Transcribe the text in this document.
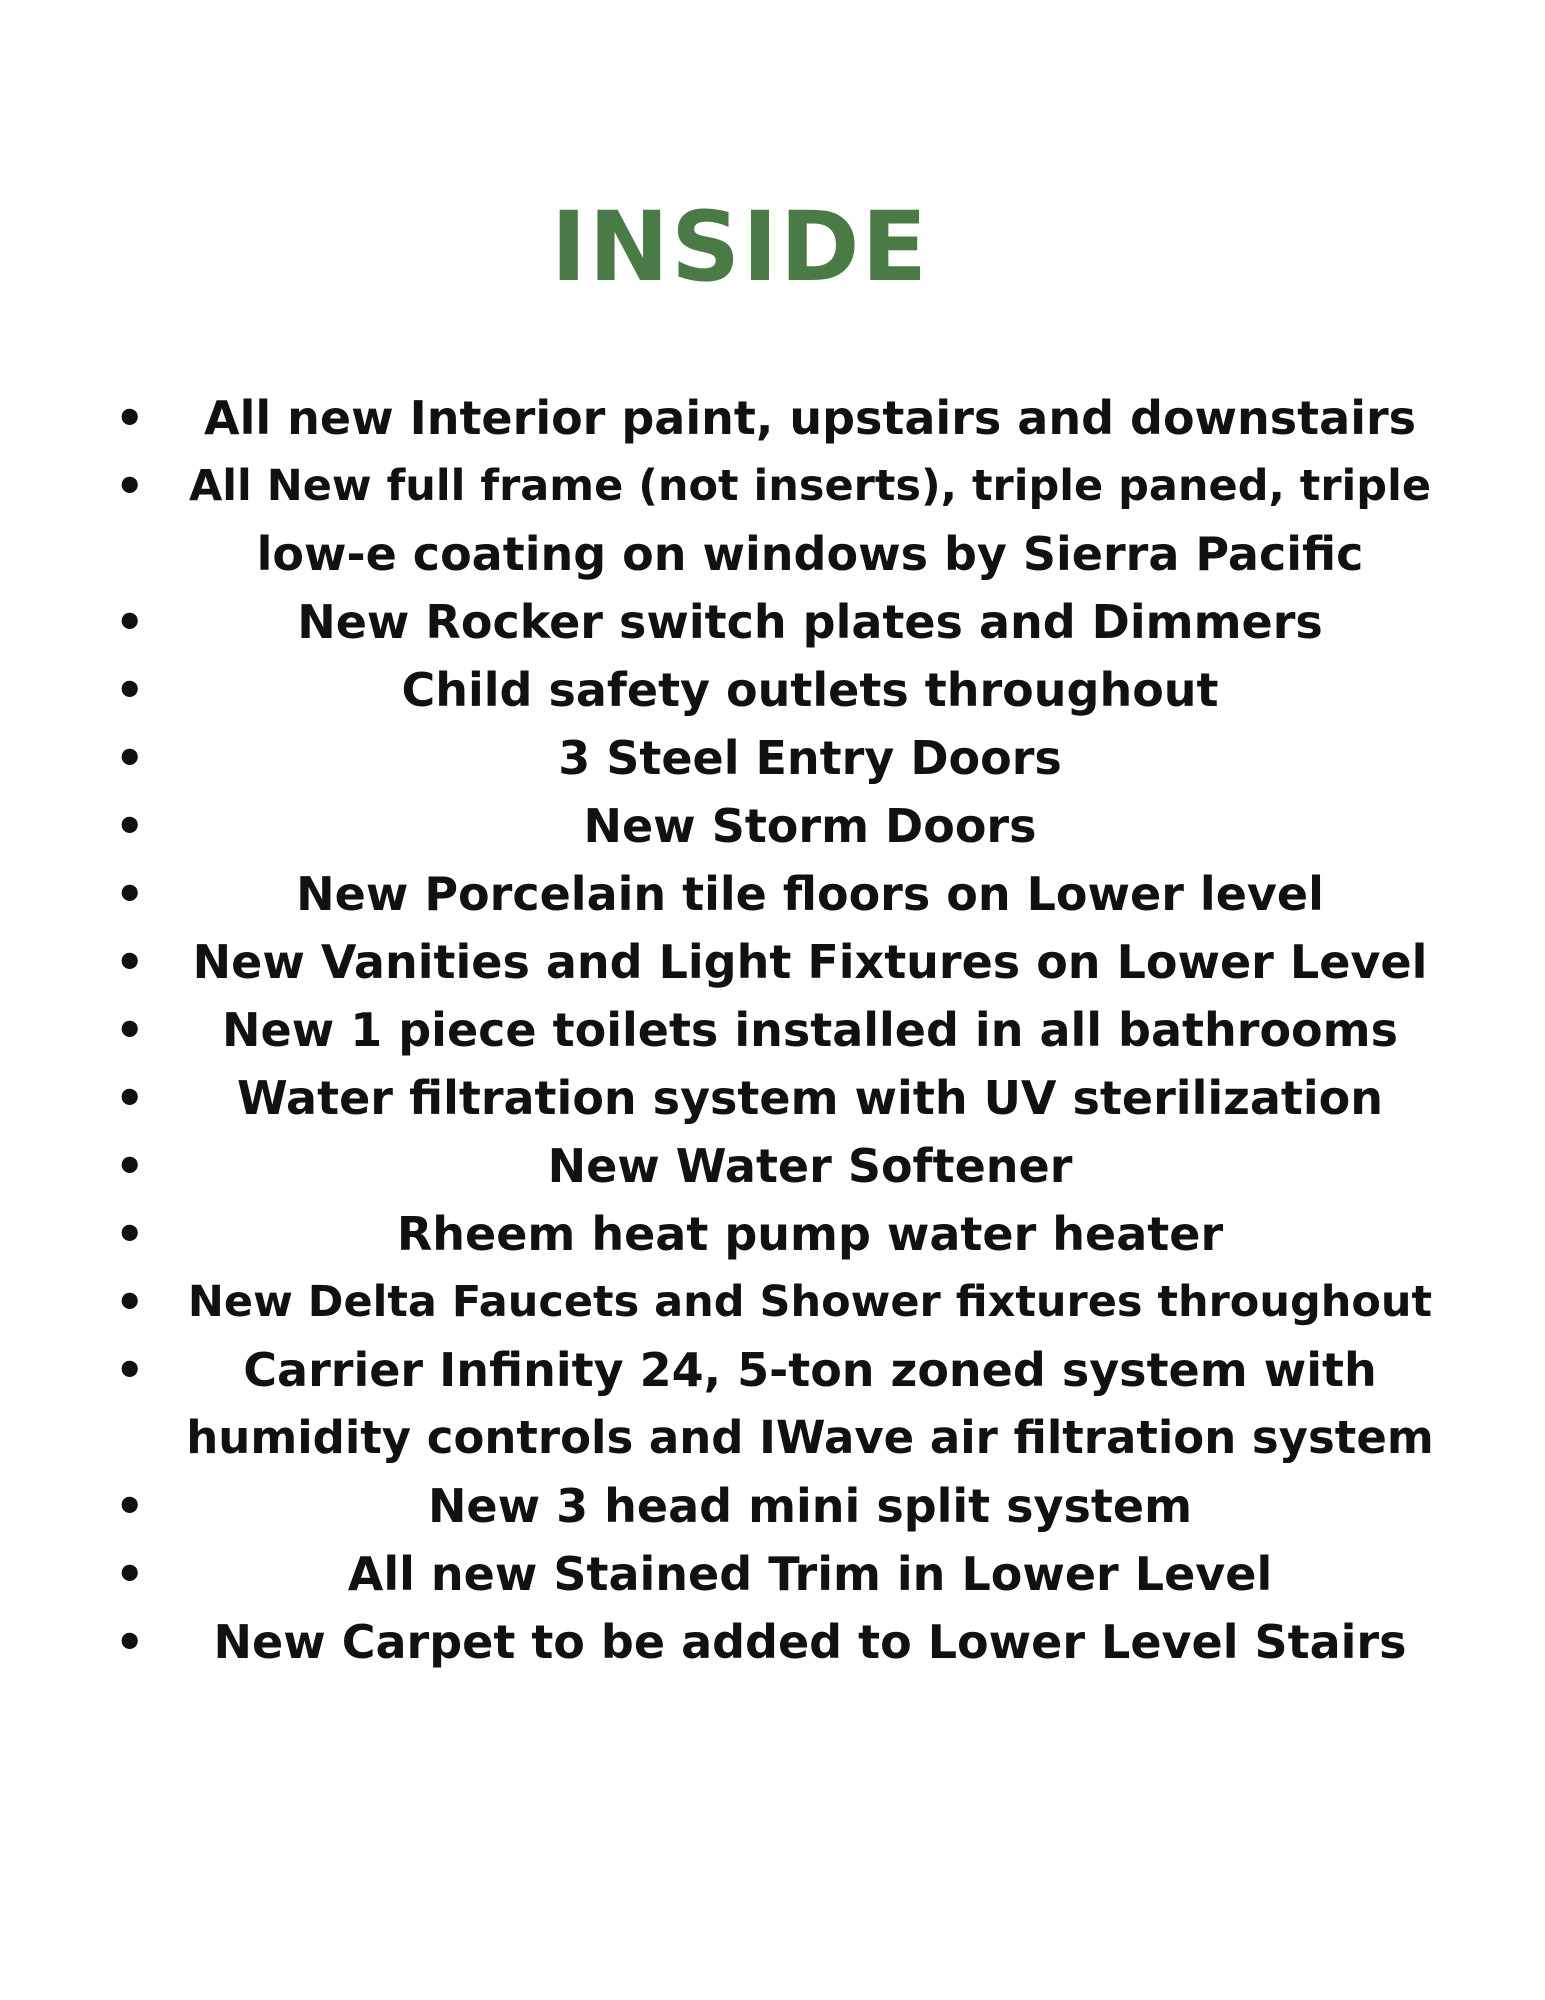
INSIDE
•	All new Interior paint, upstairs and downstairs
•	All New full frame (not inserts), triple paned, triple
low-e coating on windows by Sierra Pacific
•	New Rocker switch plates and Dimmers
•	Child safety outlets throughout
•	3 Steel Entry Doors
•	New Storm Doors
•	New Porcelain tile floors on Lower level
•	New Vanities and Light Fixtures on Lower Level
•	New 1 piece toilets installed in all bathrooms
•	Water filtration system with UV sterilization
•	New Water Softener
•	Rheem heat pump water heater
•	New Delta Faucets and Shower fixtures throughout
•	Carrier Infinity 24, 5-ton zoned system with
humidity controls and IWave air filtration system
•	New 3 head mini split system
•	All new Stained Trim in Lower Level
•	New Carpet to be added to Lower Level Stairs
